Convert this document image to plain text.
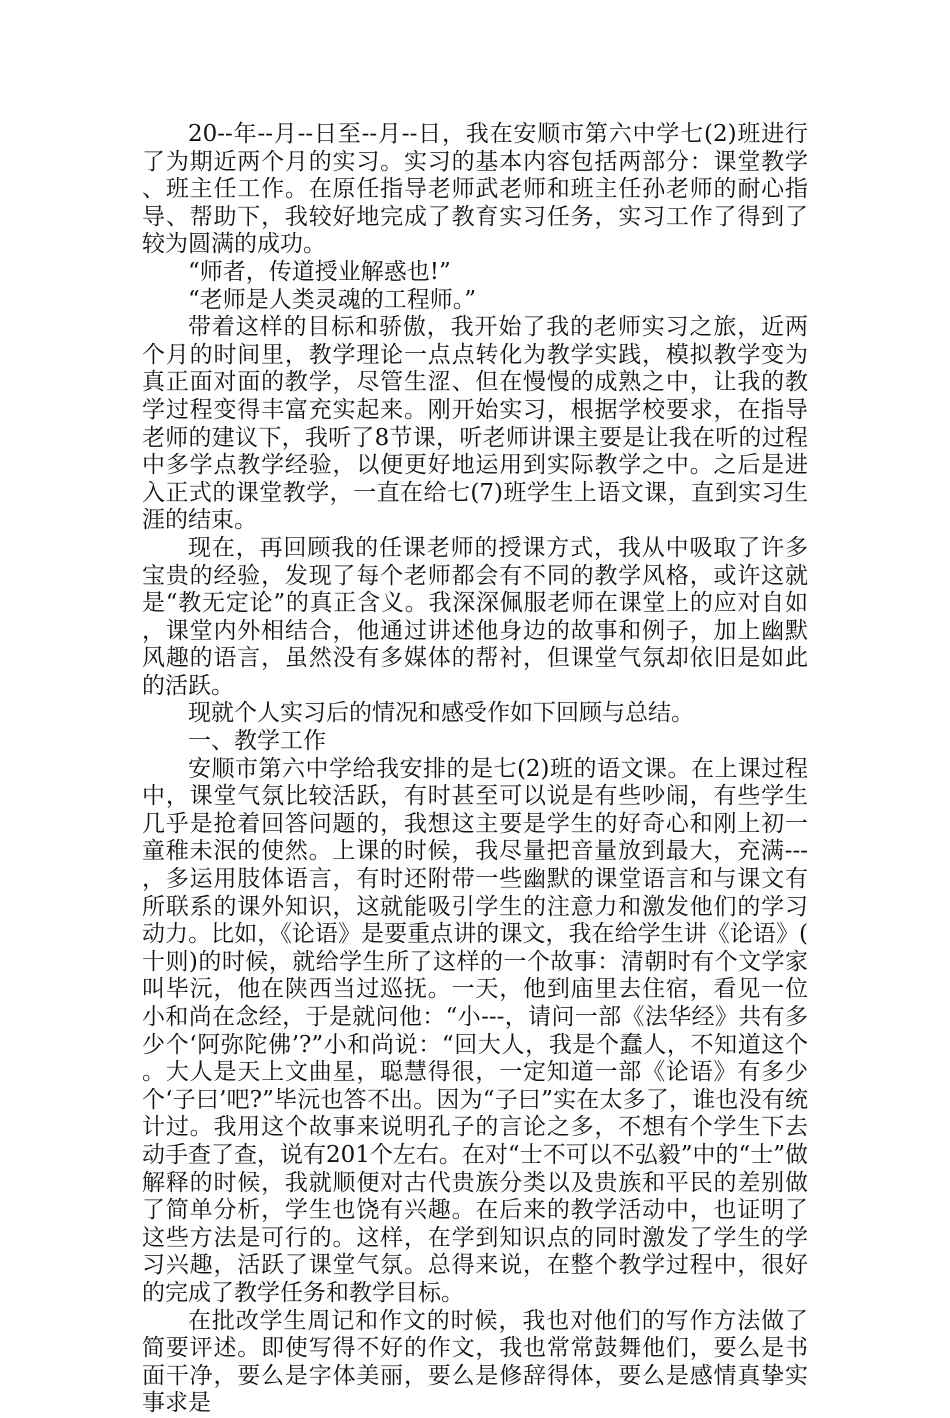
20--年--月--日至--月--日，我在安顺市第六中学七(2)班进行了为期近两个月的实习。实习的基本内容包括两部分：课堂教学、班主任工作。在原任指导老师武老师和班主任孙老师的耐心指导、帮助下，我较好地完成了教育实习任务，实习工作了得到了较为圆满的成功。

“师者，传道授业解惑也!”

“老师是人类灵魂的工程师。”

带着这样的目标和骄傲，我开始了我的老师实习之旅，近两个月的时间里，教学理论一点点转化为教学实践，模拟教学变为真正面对面的教学，尽管生涩、但在慢慢的成熟之中，让我的教学过程变得丰富充实起来。刚开始实习，根据学校要求，在指导老师的建议下，我听了8节课，听老师讲课主要是让我在听的过程中多学点教学经验，以便更好地运用到实际教学之中。之后是进入正式的课堂教学，一直在给七(7)班学生上语文课，直到实习生涯的结束。

现在，再回顾我的任课老师的授课方式，我从中吸取了许多宝贵的经验，发现了每个老师都会有不同的教学风格，或许这就是“教无定论”的真正含义。我深深佩服老师在课堂上的应对自如，课堂内外相结合，他通过讲述他身边的故事和例子，加上幽默风趣的语言，虽然没有多媒体的帮衬，但课堂气氛却依旧是如此的活跃。

现就个人实习后的情况和感受作如下回顾与总结。

一、教学工作

安顺市第六中学给我安排的是七(2)班的语文课。在上课过程中，课堂气氛比较活跃，有时甚至可以说是有些吵闹，有些学生几乎是抢着回答问题的，我想这主要是学生的好奇心和刚上初一童稚未泯的使然。上课的时候，我尽量把音量放到最大，充满---，多运用肢体语言，有时还附带一些幽默的课堂语言和与课文有所联系的课外知识，这就能吸引学生的注意力和激发他们的学习动力。比如，《论语》是要重点讲的课文，我在给学生讲《论语》(十则)的时候，就给学生所了这样的一个故事：清朝时有个文学家叫毕沅，他在陕西当过巡抚。一天，他到庙里去住宿，看见一位小和尚在念经，于是就问他：“小---，请问一部《法华经》共有多少个‘阿弥陀佛’?”小和尚说：“回大人，我是个蠢人，不知道这个。大人是天上文曲星，聪慧得很，一定知道一部《论语》有多少个‘子曰’吧?”毕沅也答不出。因为“子曰”实在太多了，谁也没有统计过。我用这个故事来说明孔子的言论之多，不想有个学生下去动手查了查，说有201个左右。在对“士不可以不弘毅”中的“士”做解释的时候，我就顺便对古代贵族分类以及贵族和平民的差别做了简单分析，学生也饶有兴趣。在后来的教学活动中，也证明了这些方法是可行的。这样，在学到知识点的同时激发了学生的学习兴趣，活跃了课堂气氛。总得来说，在整个教学过程中，很好的完成了教学任务和教学目标。

在批改学生周记和作文的时候，我也对他们的写作方法做了简要评述。即使写得不好的作文，我也常常鼓舞他们，要么是书面干净，要么是字体美丽，要么是修辞得体，要么是感情真挚实事求是
